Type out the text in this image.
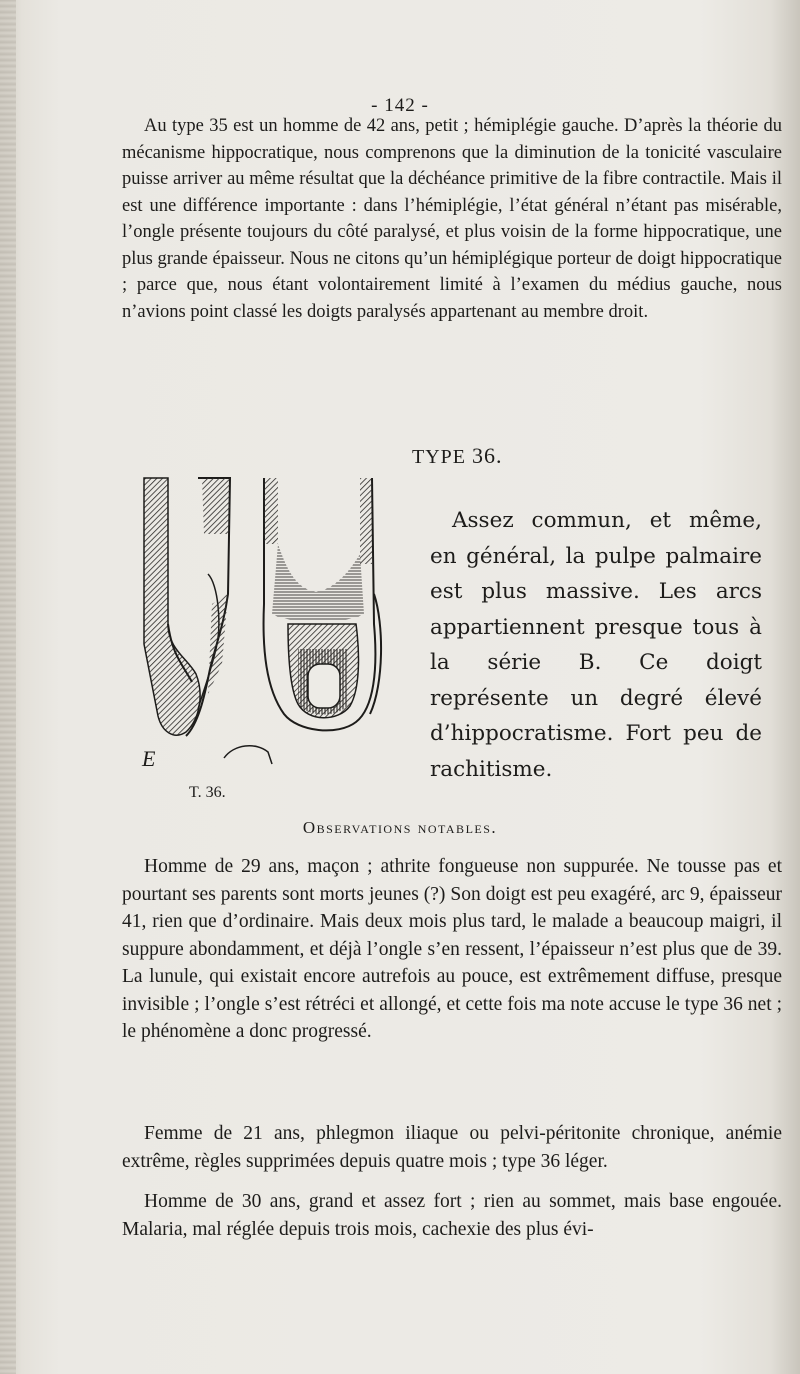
- 142 -

Au type 35 est un homme de 42 ans, petit ; hémiplégie gauche. D’après la théorie du mécanisme hippocratique, nous comprenons que la diminution de la tonicité vasculaire puisse arriver au même résultat que la déchéance primitive de la fibre contractile. Mais il est une différence importante : dans l’hémiplégie, l’état général n’étant pas misérable, l’ongle présente toujours du côté paralysé, et plus voisin de la forme hippocratique, une plus grande épaisseur. Nous ne citons qu’un hémiplégique porteur de doigt hippocratique ; parce que, nous étant volontairement limité à l’examen du médius gauche, nous n’avions point classé les doigts paralysés appartenant au membre droit.

TYPE 36.
E
T. 36.

Assez commun, et même, en général, la pulpe palmaire est plus massive. Les arcs appartiennent presque tous à la série B. Ce doigt représente un degré élevé d’hippocratisme. Fort peu de rachitisme.

Observations notables.

Homme de 29 ans, maçon ; athrite fongueuse non suppurée. Ne tousse pas et pourtant ses parents sont morts jeunes (?) Son doigt est peu exagéré, arc 9, épaisseur 41, rien que d’ordinaire. Mais deux mois plus tard, le malade a beaucoup maigri, il suppure abondamment, et déjà l’ongle s’en ressent, l’épaisseur n’est plus que de 39. La lunule, qui existait encore autrefois au pouce, est extrêmement diffuse, presque invisible ; l’ongle s’est rétréci et allongé, et cette fois ma note accuse le type 36 net ; le phénomène a donc progressé.

Femme de 21 ans, phlegmon iliaque ou pelvi-péritonite chronique, anémie extrême, règles supprimées depuis quatre mois ; type 36 léger.

Homme de 30 ans, grand et assez fort ; rien au sommet, mais base engouée. Malaria, mal réglée depuis trois mois, cachexie des plus évi-
